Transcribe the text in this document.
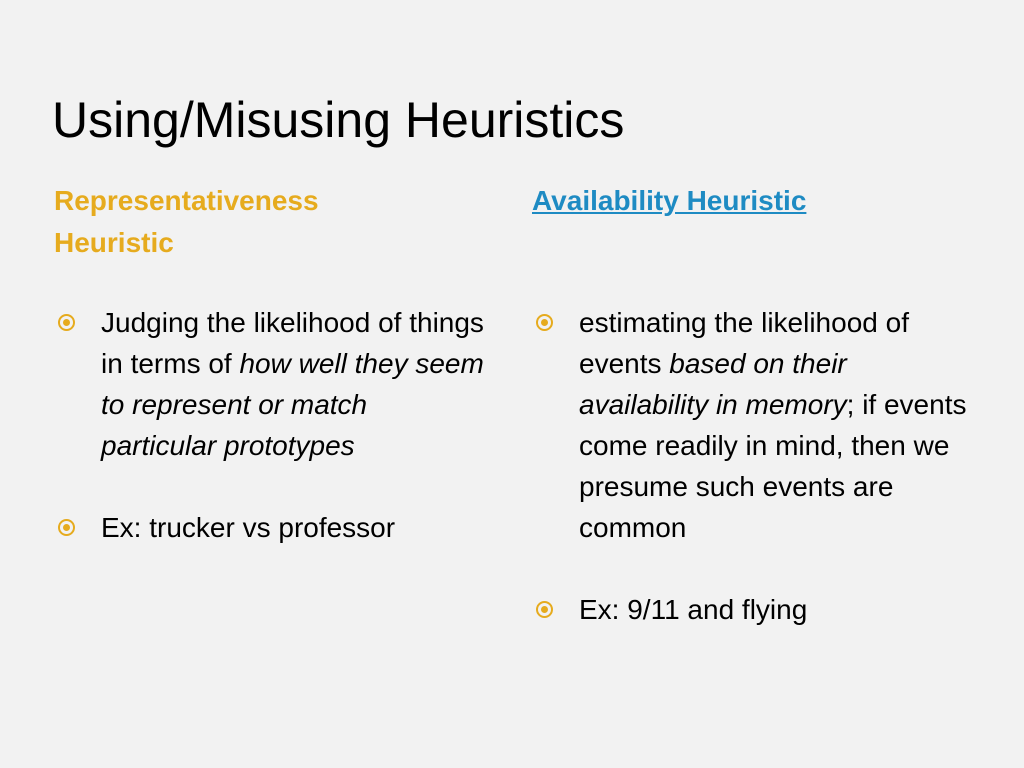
Using/Misusing Heuristics

Representativeness
Heuristic

Judging the likelihood of things in terms of how well they seem to represent or match particular prototypes
Ex: trucker vs professor

Availability Heuristic

estimating the likelihood of events based on their availability in memory; if events come readily in mind, then we presume such events are common
Ex: 9/11 and flying
